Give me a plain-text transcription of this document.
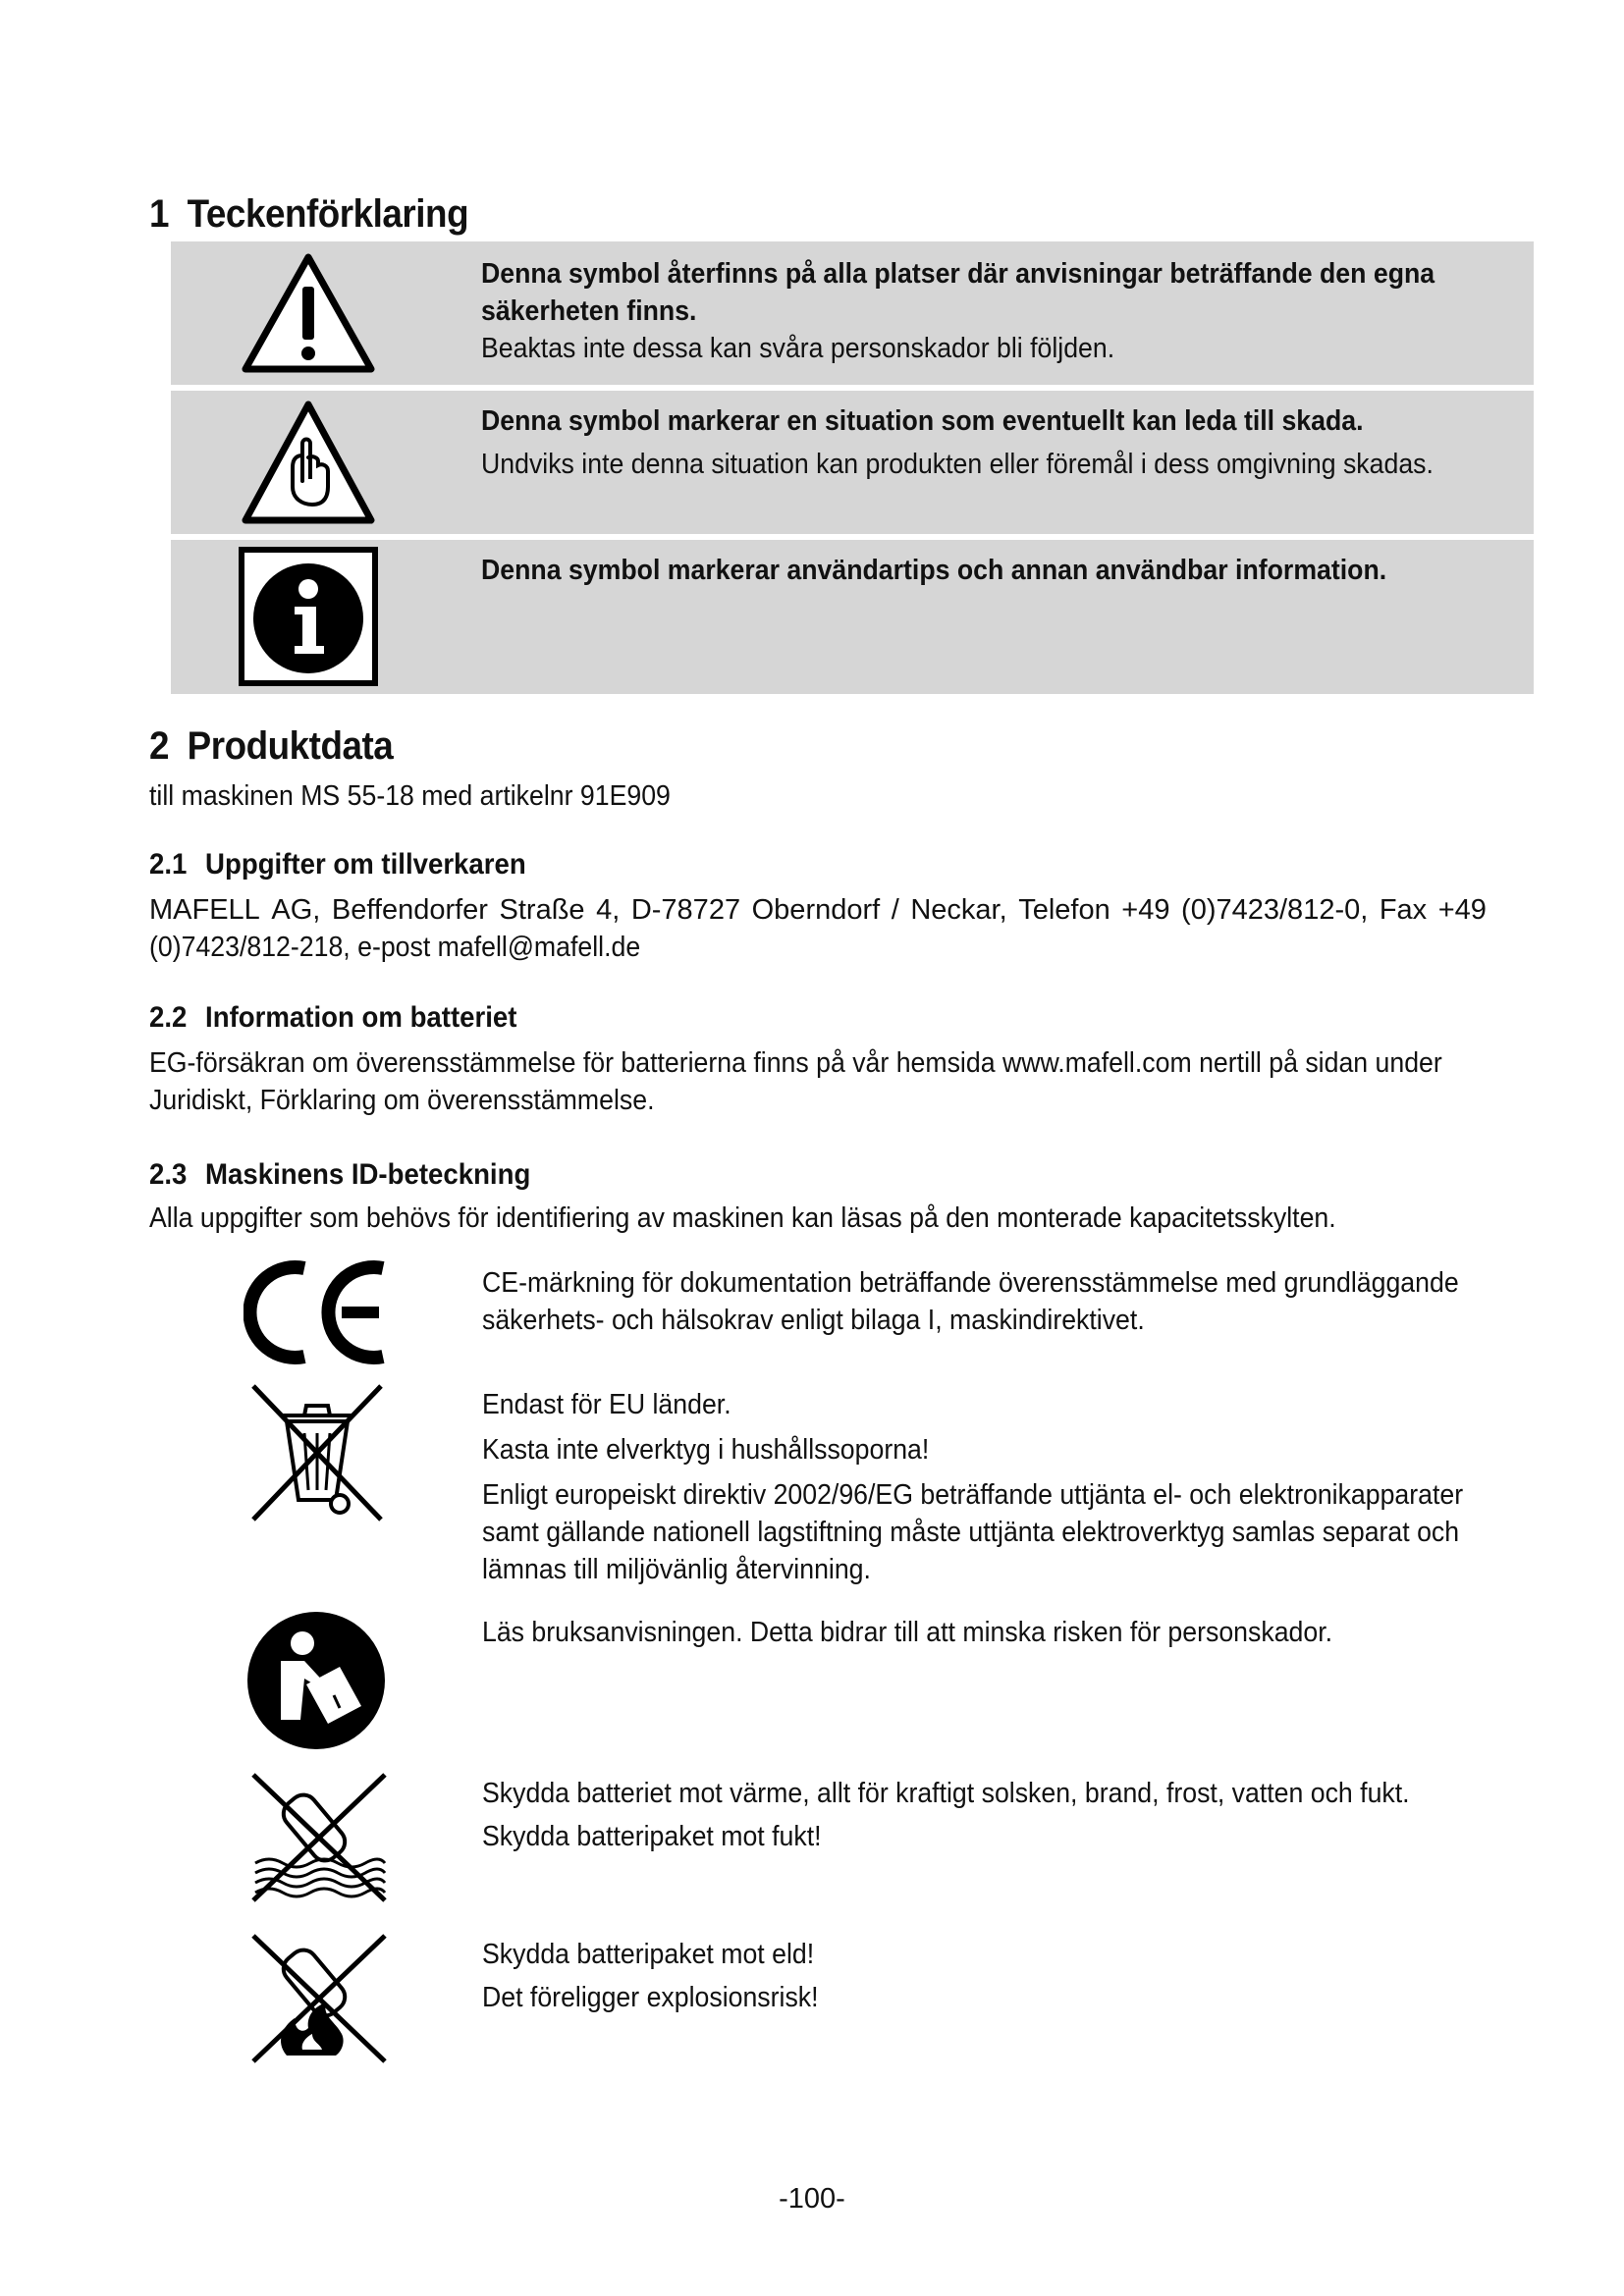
1 Teckenförklaring
Denna symbol återfinns på alla platser där anvisningar beträffande den egna
säkerheten finns.
Beaktas inte dessa kan svåra personskador bli följden.
Denna symbol markerar en situation som eventuellt kan leda till skada.
Undviks inte denna situation kan produkten eller föremål i dess omgivning skadas.
Denna symbol markerar användartips och annan användbar information.
2 Produktdata
till maskinen MS 55-18 med artikelnr 91E909
2.1 Uppgifter om tillverkaren
MAFELL AG, Beffendorfer Straße 4, D-78727 Oberndorf / Neckar, Telefon +49 (0)7423/812-0, Fax +49
(0)7423/812-218, e-post mafell@mafell.de
2.2 Information om batteriet
EG-försäkran om överensstämmelse för batterierna finns på vår hemsida www.mafell.com nertill på sidan under
Juridiskt, Förklaring om överensstämmelse.
2.3 Maskinens ID-beteckning
Alla uppgifter som behövs för identifiering av maskinen kan läsas på den monterade kapacitetsskylten.
CE-märkning för dokumentation beträffande överensstämmelse med grundläggande
säkerhets- och hälsokrav enligt bilaga I, maskindirektivet.
Endast för EU länder.
Kasta inte elverktyg i hushållssoporna!
Enligt europeiskt direktiv 2002/96/EG beträffande uttjänta el- och elektronikapparater
samt gällande nationell lagstiftning måste uttjänta elektroverktyg samlas separat och
lämnas till miljövänlig återvinning.
Läs bruksanvisningen. Detta bidrar till att minska risken för personskador.
Skydda batteriet mot värme, allt för kraftigt solsken, brand, frost, vatten och fukt.
Skydda batteripaket mot fukt!
Skydda batteripaket mot eld!
Det föreligger explosionsrisk!
-100-
